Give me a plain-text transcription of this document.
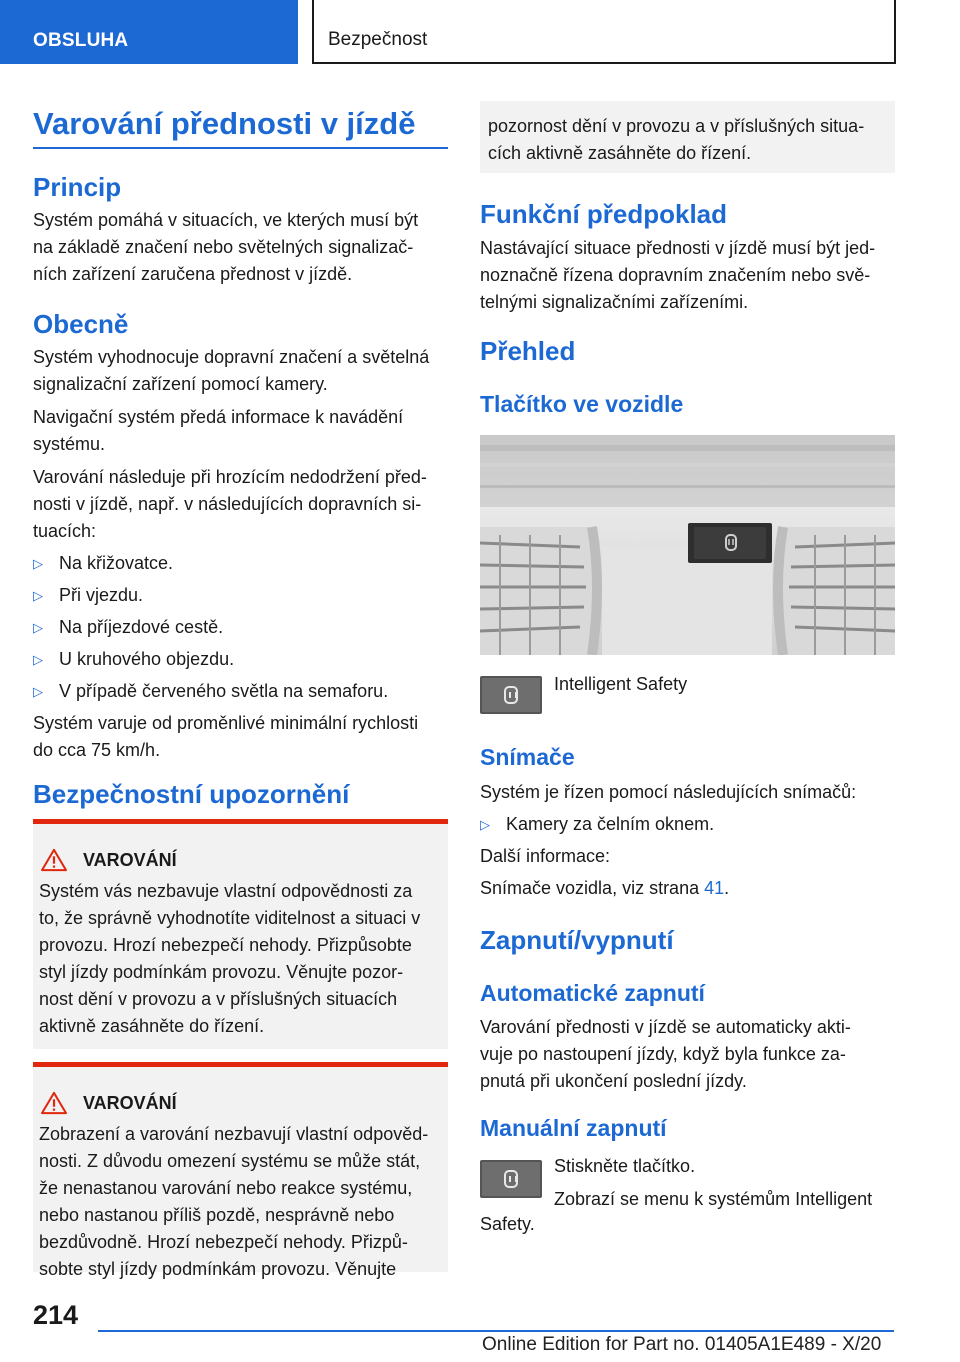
OBSLUHA	Bezpečnost
Varování přednosti v jízdě
Princip
Systém pomáhá v situacích, ve kterých musí být
na základě značení nebo světelných signalizač‐
ních zařízení zaručena přednost v jízdě.
Obecně
Systém vyhodnocuje dopravní značení a světelná
signalizační zařízení pomocí kamery.
Navigační systém předá informace k navádění
systému.
Varování následuje při hrozícím nedodržení před‐
nosti v jízdě, např. v následujících dopravních si‐
tuacích:
▷ Na křižovatce.
▷ Při vjezdu.
▷ Na příjezdové cestě.
▷ U kruhového objezdu.
▷ V případě červeného světla na semaforu.
Systém varuje od proměnlivé minimální rychlosti
do cca 75 km/h.
Bezpečnostní upozornění
VAROVÁNÍ
Systém vás nezbavuje vlastní odpovědnosti za
to, že správně vyhodnotíte viditelnost a situaci v
provozu. Hrozí nebezpečí nehody. Přizpůsobte
styl jízdy podmínkám provozu. Věnujte pozor‐
nost dění v provozu a v příslušných situacích
aktivně zasáhněte do řízení.
VAROVÁNÍ
Zobrazení a varování nezbavují vlastní odpověd‐
nosti. Z důvodu omezení systému se může stát,
že nenastanou varování nebo reakce systému,
nebo nastanou příliš pozdě, nesprávně nebo
bezdůvodně. Hrozí nebezpečí nehody. Přizpů‐
sobte styl jízdy podmínkám provozu. Věnujte
pozornost dění v provozu a v příslušných situa‐
cích aktivně zasáhněte do řízení.
Funkční předpoklad
Nastávající situace přednosti v jízdě musí být jed‐
noznačně řízena dopravním značením nebo svě‐
telnými signalizačními zařízeními.
Přehled
Tlačítko ve vozidle
Intelligent Safety
Snímače
Systém je řízen pomocí následujících snímačů:
▷ Kamery za čelním oknem.
Další informace:
Snímače vozidla, viz strana 41.
Zapnutí/vypnutí
Automatické zapnutí
Varování přednosti v jízdě se automaticky akti‐
vuje po nastoupení jízdy, když byla funkce za‐
pnutá při ukončení poslední jízdy.
Manuální zapnutí
Stiskněte tlačítko.
Zobrazí se menu k systémům Intelligent
Safety.
214
Online Edition for Part no. 01405A1E489 - X/20
